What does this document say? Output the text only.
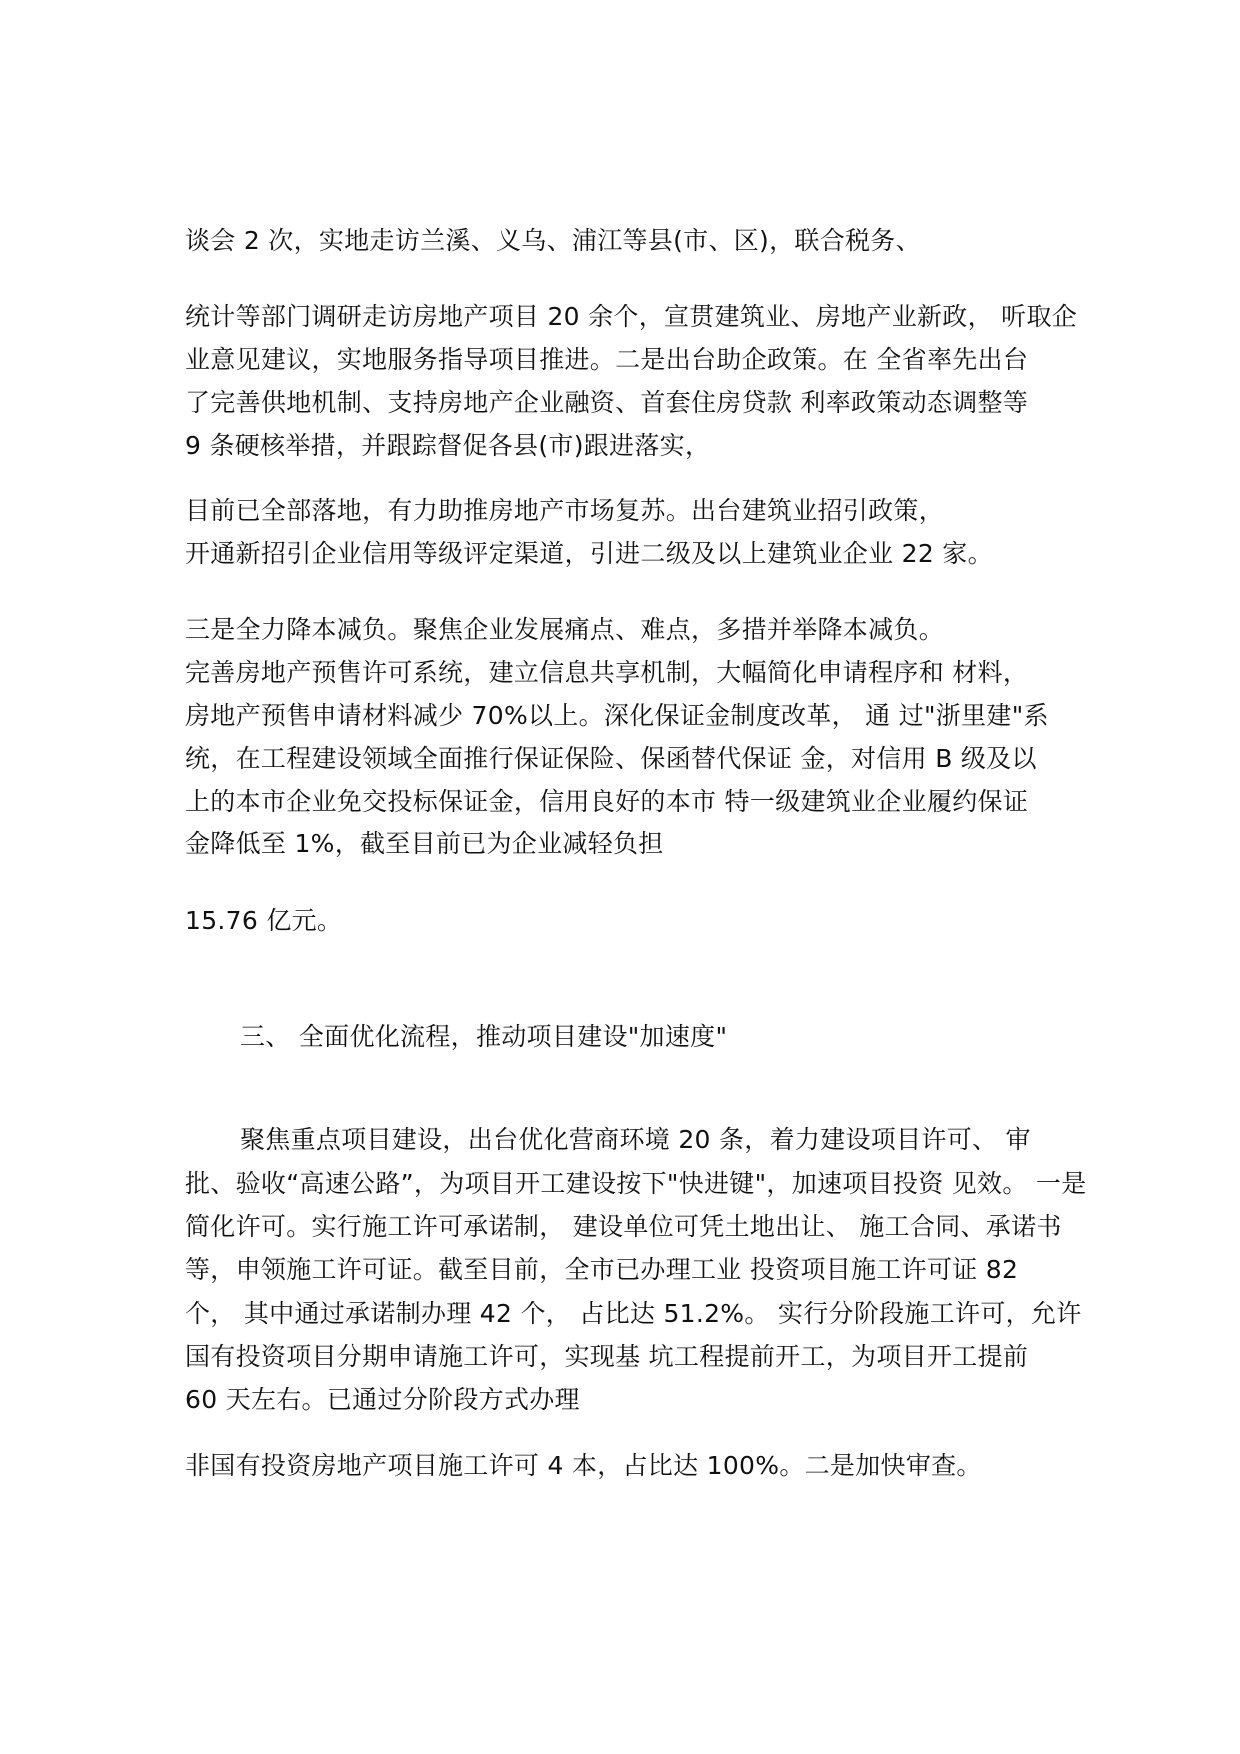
谈会 2 次，实地走访兰溪、义乌、浦江等县(市、区)，联合税务、

统计等部门调研走访房地产项目 20 余个，宣贯建筑业、房地产业新政， 听取企

业意见建议，实地服务指导项目推进。二是出台助企政策。在 全省率先出台

了完善供地机制、支持房地产企业融资、首套住房贷款 利率政策动态调整等

9 条硬核举措，并跟踪督促各县(市)跟进落实，

目前已全部落地，有力助推房地产市场复苏。出台建筑业招引政策，

开通新招引企业信用等级评定渠道，引进二级及以上建筑业企业 22 家。

三是全力降本减负。聚焦企业发展痛点、难点，多措并举降本减负。

完善房地产预售许可系统，建立信息共享机制，大幅简化申请程序和 材料，

房地产预售申请材料减少 70%以上。深化保证金制度改革， 通 过"浙里建"系

统，在工程建设领域全面推行保证保险、保函替代保证 金，对信用 B 级及以

上的本市企业免交投标保证金，信用良好的本市 特一级建筑业企业履约保证

金降低至 1%，截至目前已为企业减轻负担

15.76 亿元。

三、 全面优化流程，推动项目建设"加速度"

聚焦重点项目建设，出台优化营商环境 20 条，着力建设项目许可、 审

批、验收“高速公路”，为项目开工建设按下"快进键"，加速项目投资 见效。 一是

简化许可。实行施工许可承诺制， 建设单位可凭土地出让、 施工合同、承诺书

等，申领施工许可证。截至目前，全市已办理工业 投资项目施工许可证 82

个， 其中通过承诺制办理 42 个， 占比达 51.2%。 实行分阶段施工许可，允许

国有投资项目分期申请施工许可，实现基 坑工程提前开工，为项目开工提前

60 天左右。已通过分阶段方式办理

非国有投资房地产项目施工许可 4 本，占比达 100%。二是加快审查。
